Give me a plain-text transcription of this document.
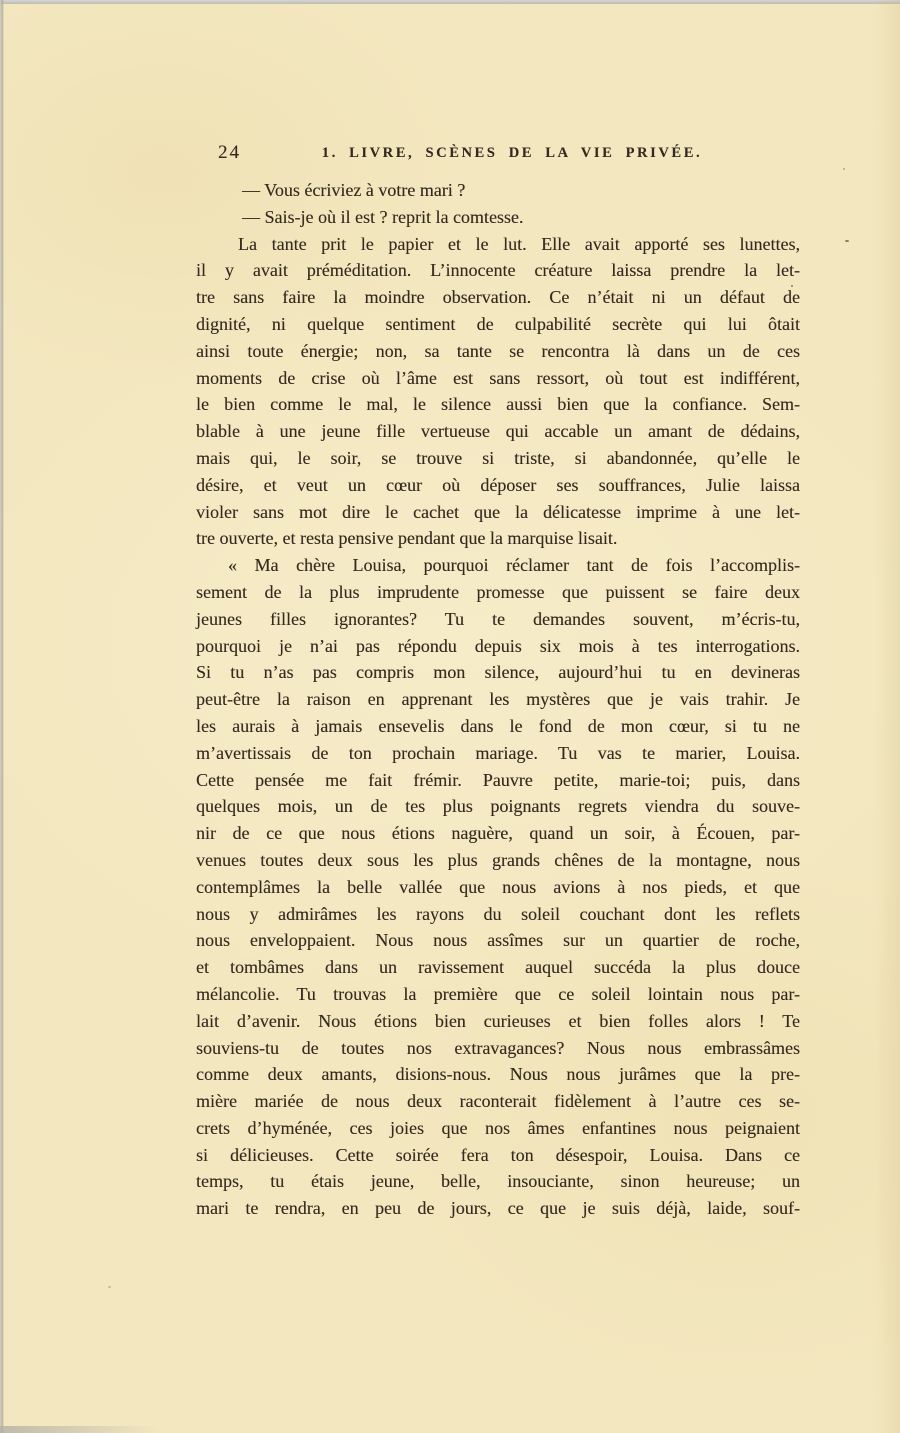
24	1. LIVRE, SCÈNES DE LA VIE PRIVÉE.
— Vous écriviez à votre mari ?
— Sais-je où il est ? reprit la comtesse.
La tante prit le papier et le lut. Elle avait apporté ses lunettes,
il y avait préméditation. L’innocente créature laissa prendre la let-
tre sans faire la moindre observation. Ce n’était ni un défaut de
dignité, ni quelque sentiment de culpabilité secrète qui lui ôtait
ainsi toute énergie; non, sa tante se rencontra là dans un de ces
moments de crise où l’âme est sans ressort, où tout est indifférent,
le bien comme le mal, le silence aussi bien que la confiance. Sem-
blable à une jeune fille vertueuse qui accable un amant de dédains,
mais qui, le soir, se trouve si triste, si abandonnée, qu’elle le
désire, et veut un cœur où déposer ses souffrances, Julie laissa
violer sans mot dire le cachet que la délicatesse imprime à une let-
tre ouverte, et resta pensive pendant que la marquise lisait.
« Ma chère Louisa, pourquoi réclamer tant de fois l’accomplis-
sement de la plus imprudente promesse que puissent se faire deux
jeunes filles ignorantes? Tu te demandes souvent, m’écris-tu,
pourquoi je n’ai pas répondu depuis six mois à tes interrogations.
Si tu n’as pas compris mon silence, aujourd’hui tu en devineras
peut-être la raison en apprenant les mystères que je vais trahir. Je
les aurais à jamais ensevelis dans le fond de mon cœur, si tu ne
m’avertissais de ton prochain mariage. Tu vas te marier, Louisa.
Cette pensée me fait frémir. Pauvre petite, marie-toi; puis, dans
quelques mois, un de tes plus poignants regrets viendra du souve-
nir de ce que nous étions naguère, quand un soir, à Écouen, par-
venues toutes deux sous les plus grands chênes de la montagne, nous
contemplâmes la belle vallée que nous avions à nos pieds, et que
nous y admirâmes les rayons du soleil couchant dont les reflets
nous enveloppaient. Nous nous assîmes sur un quartier de roche,
et tombâmes dans un ravissement auquel succéda la plus douce
mélancolie. Tu trouvas la première que ce soleil lointain nous par-
lait d’avenir. Nous étions bien curieuses et bien folles alors ! Te
souviens-tu de toutes nos extravagances? Nous nous embrassâmes
comme deux amants, disions-nous. Nous nous jurâmes que la pre-
mière mariée de nous deux raconterait fidèlement à l’autre ces se-
crets d’hyménée, ces joies que nos âmes enfantines nous peignaient
si délicieuses. Cette soirée fera ton désespoir, Louisa. Dans ce
temps, tu étais jeune, belle, insouciante, sinon heureuse; un
mari te rendra, en peu de jours, ce que je suis déjà, laide, souf-
